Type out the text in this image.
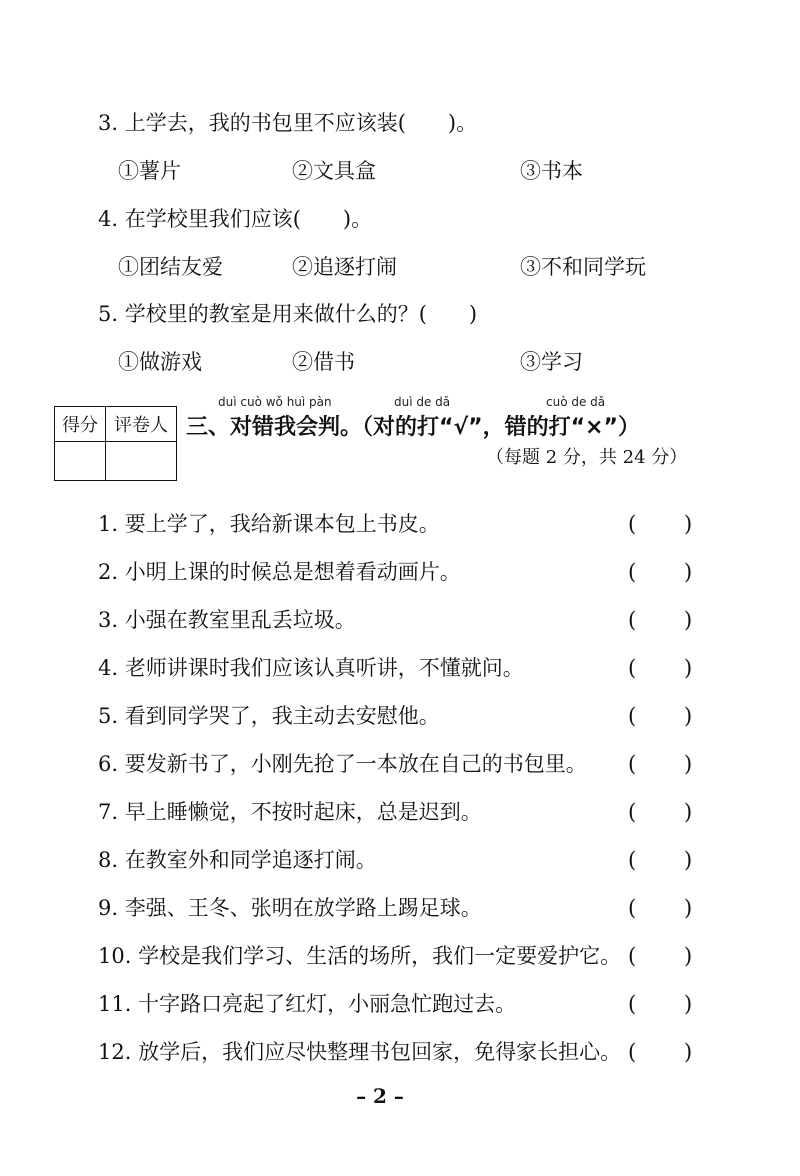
3. 上学去，我的书包里不应该装(　　)。
①薯片	②文具盒	③书本
4. 在学校里我们应该(　　)。
①团结友爱	②追逐打闹	③不和同学玩
5. 学校里的教室是用来做什么的？(　　)
①做游戏	②借书	③学习
得分	评卷人

duì cuò wǒ huì pàn	duì de dǎ	cuò de dǎ
三、对错我会判。（对的打“√”，错的打“×”）
（每题 2 分，共 24 分）
1. 要上学了，我给新课本包上书皮。	( )
2. 小明上课的时候总是想着看动画片。	( )
3. 小强在教室里乱丢垃圾。	( )
4. 老师讲课时我们应该认真听讲，不懂就问。	( )
5. 看到同学哭了，我主动去安慰他。	( )
6. 要发新书了，小刚先抢了一本放在自己的书包里。 ( )
7. 早上睡懒觉，不按时起床，总是迟到。	( )
8. 在教室外和同学追逐打闹。	( )
9. 李强、王冬、张明在放学路上踢足球。	( )
10. 学校是我们学习、生活的场所，我们一定要爱护它。 ( )
11. 十字路口亮起了红灯，小丽急忙跑过去。	( )
12. 放学后，我们应尽快整理书包回家，免得家长担心。 ( )
– 2 –
